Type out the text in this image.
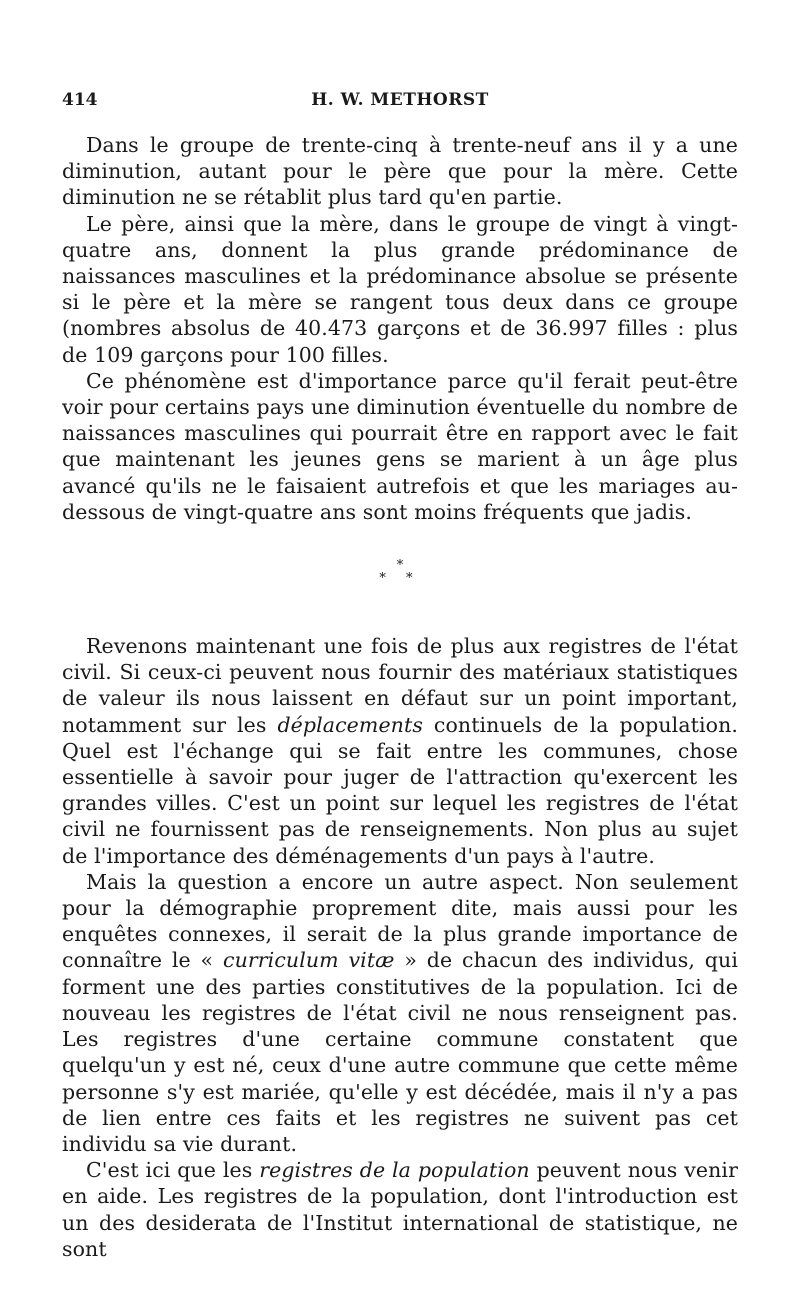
414	H. W. METHORST

Dans le groupe de trente-cinq à trente-neuf ans il y a une diminution, autant pour le père que pour la mère. Cette diminution ne se rétablit plus tard qu'en partie.

Le père, ainsi que la mère, dans le groupe de vingt à vingt-quatre ans, donnent la plus grande prédominance de naissances masculines et la prédominance absolue se présente si le père et la mère se rangent tous deux dans ce groupe (nombres absolus de 40.473 garçons et de 36.997 filles : plus de 109 garçons pour 100 filles.

Ce phénomène est d'importance parce qu'il ferait peut-être voir pour certains pays une diminution éventuelle du nombre de naissances masculines qui pourrait être en rapport avec le fait que maintenant les jeunes gens se marient à un âge plus avancé qu'ils ne le faisaient autrefois et que les mariages au-dessous de vingt-quatre ans sont moins fréquents que jadis.

*
* *

Revenons maintenant une fois de plus aux registres de l'état civil. Si ceux-ci peuvent nous fournir des matériaux statistiques de valeur ils nous laissent en défaut sur un point important, notamment sur les déplacements continuels de la population. Quel est l'échange qui se fait entre les communes, chose essentielle à savoir pour juger de l'attraction qu'exercent les grandes villes. C'est un point sur lequel les registres de l'état civil ne fournissent pas de renseignements. Non plus au sujet de l'importance des déménagements d'un pays à l'autre.

Mais la question a encore un autre aspect. Non seulement pour la démographie proprement dite, mais aussi pour les enquêtes connexes, il serait de la plus grande importance de connaître le « curriculum vitæ » de chacun des individus, qui forment une des parties constitutives de la population. Ici de nouveau les registres de l'état civil ne nous renseignent pas. Les registres d'une certaine commune constatent que quelqu'un y est né, ceux d'une autre commune que cette même personne s'y est mariée, qu'elle y est décédée, mais il n'y a pas de lien entre ces faits et les registres ne suivent pas cet individu sa vie durant.

C'est ici que les registres de la population peuvent nous venir en aide. Les registres de la population, dont l'introduction est un des desiderata de l'Institut international de statistique, ne sont
